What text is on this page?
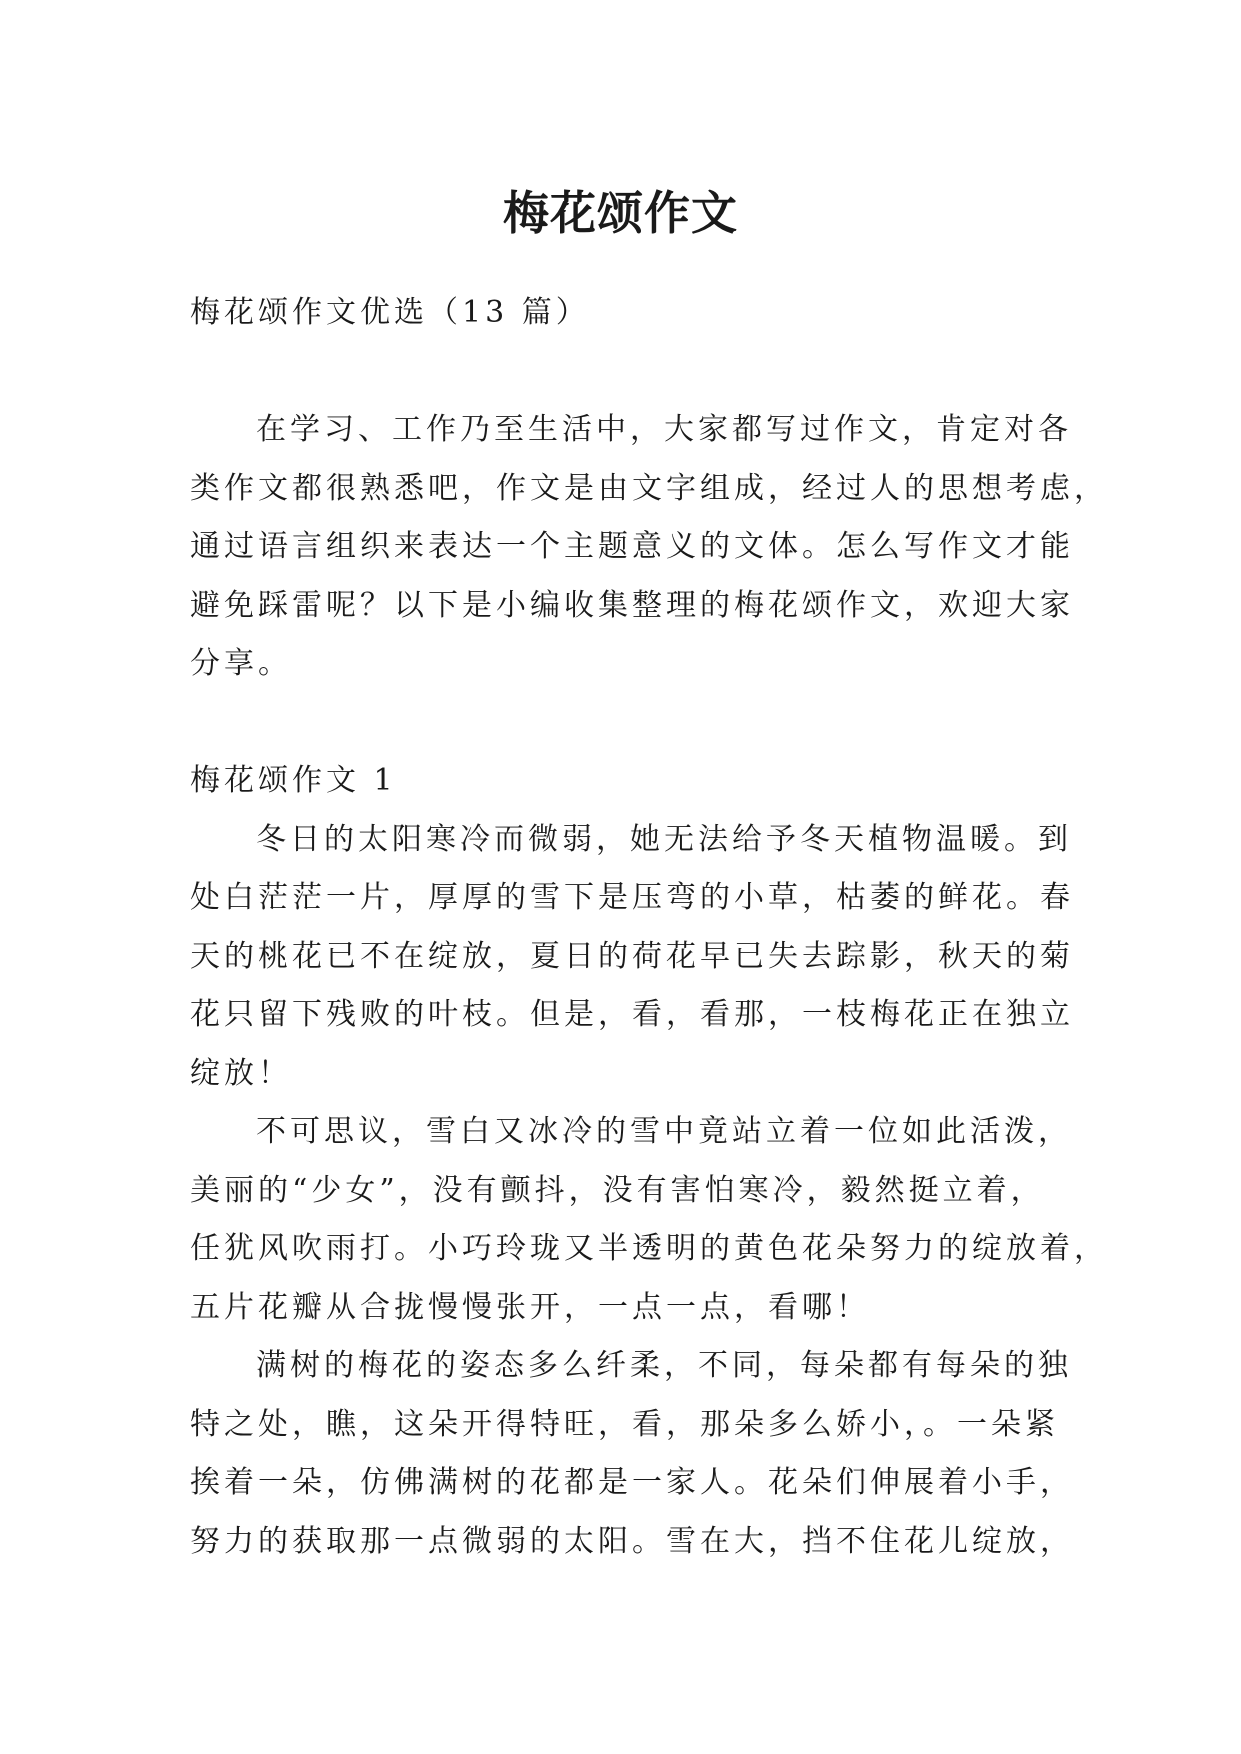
梅花颂作文

梅花颂作文优选（13 篇）

在学习、工作乃至生活中，大家都写过作文，肯定对各
类作文都很熟悉吧，作文是由文字组成，经过人的思想考虑，
通过语言组织来表达一个主题意义的文体。怎么写作文才能
避免踩雷呢？以下是小编收集整理的梅花颂作文，欢迎大家
分享。

梅花颂作文 1

冬日的太阳寒冷而微弱，她无法给予冬天植物温暖。到
处白茫茫一片，厚厚的雪下是压弯的小草，枯萎的鲜花。春
天的桃花已不在绽放，夏日的荷花早已失去踪影，秋天的菊
花只留下残败的叶枝。但是，看，看那，一枝梅花正在独立
绽放！

不可思议，雪白又冰冷的雪中竟站立着一位如此活泼，
美丽的“少女”，没有颤抖，没有害怕寒冷，毅然挺立着，
任犹风吹雨打。小巧玲珑又半透明的黄色花朵努力的绽放着，
五片花瓣从合拢慢慢张开，一点一点，看哪！

满树的梅花的姿态多么纤柔，不同，每朵都有每朵的独
特之处，瞧，这朵开得特旺，看，那朵多么娇小，。一朵紧
挨着一朵，仿佛满树的花都是一家人。花朵们伸展着小手，
努力的获取那一点微弱的太阳。雪在大，挡不住花儿绽放，
